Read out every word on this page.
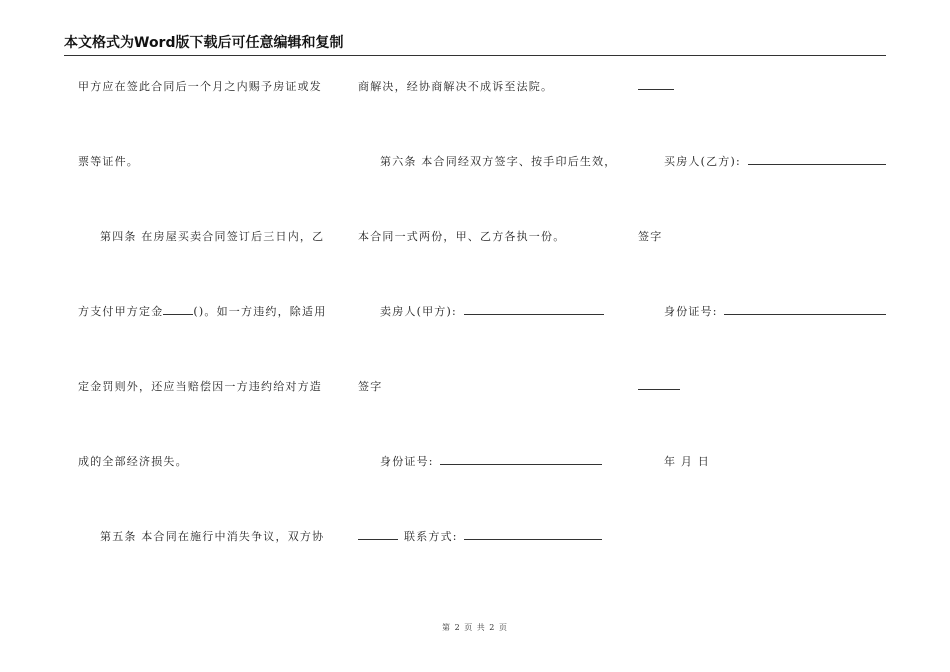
本文格式为Word版下载后可任意编辑和复制
甲方应在签此合同后一个月之内赐予房证或发
票等证件。
第四条 在房屋买卖合同签订后三日内，乙
方支付甲方定金	()。如一方违约，除适用
定金罚则外，还应当赔偿因一方违约给对方造
成的全部经济损失。
第五条 本合同在施行中消失争议，双方协
商解决，经协商解决不成诉至法院。
第六条 本合同经双方签字、按手印后生效，
本合同一式两份，甲、乙方各执一份。
卖房人(甲方):
签字
身份证号:
联系方式:
买房人(乙方):
签字
身份证号:
年 月 日
第 2 页 共 2 页
